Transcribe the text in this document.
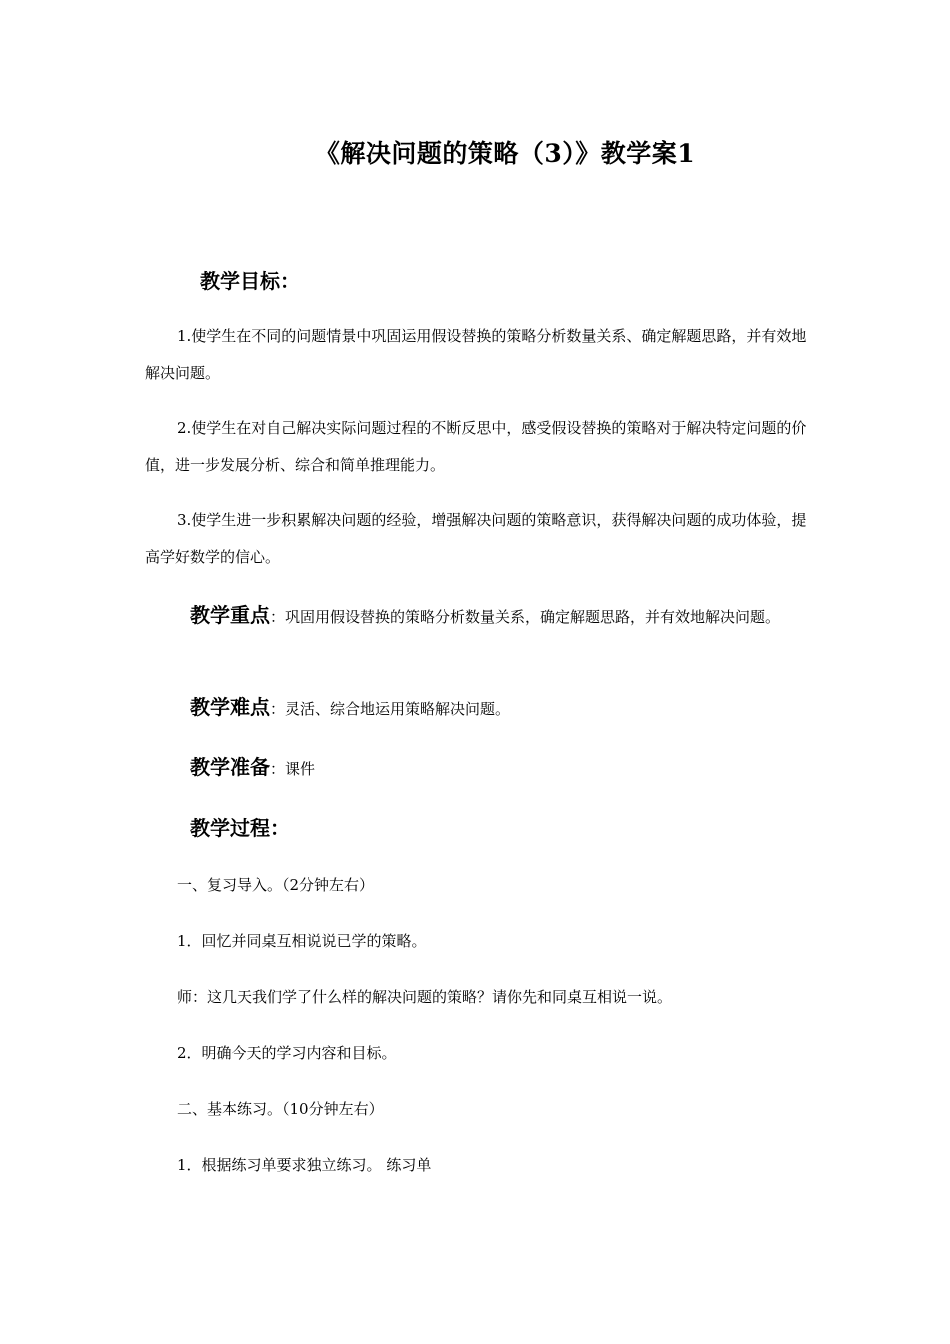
《解决问题的策略（3）》教学案1
教学目标：

1.使学生在不同的问题情景中巩固运用假设替换的策略分析数量关系、确定解题思路，并有效地解决问题。

2.使学生在对自己解决实际问题过程的不断反思中，感受假设替换的策略对于解决特定问题的价值，进一步发展分析、综合和简单推理能力。

3.使学生进一步积累解决问题的经验，增强解决问题的策略意识，获得解决问题的成功体验，提高学好数学的信心。

教学重点：巩固用假设替换的策略分析数量关系，确定解题思路，并有效地解决问题。

教学难点：灵活、综合地运用策略解决问题。

教学准备：课件

教学过程：

一、复习导入。（2分钟左右）

1．回忆并同桌互相说说已学的策略。

师：这几天我们学了什么样的解决问题的策略？请你先和同桌互相说一说。

2．明确今天的学习内容和目标。

二、基本练习。（10分钟左右）

1．根据练习单要求独立练习。 练习单
